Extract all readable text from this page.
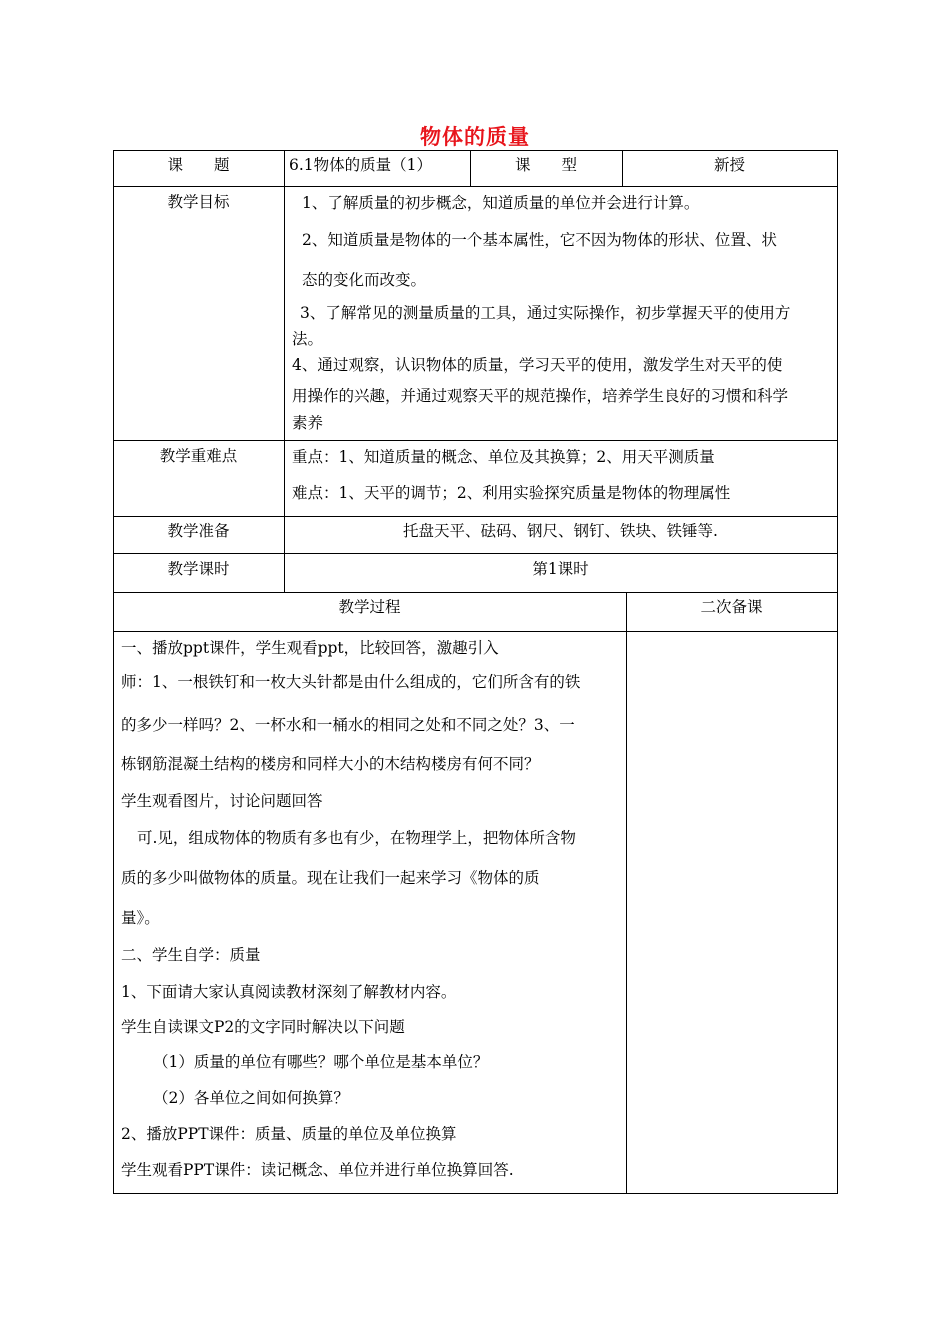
物体的质量
课　　题	6.1物体的质量（1）	课　　型	新授
教学目标	1、了解质量的初步概念，知道质量的单位并会进行计算。
2、知道质量是物体的一个基本属性，它不因为物体的形状、位置、状
态的变化而改变。
3、了解常见的测量质量的工具，通过实际操作，初步掌握天平的使用方
法。
4、通过观察，认识物体的质量，学习天平的使用，激发学生对天平的使
用操作的兴趣，并通过观察天平的规范操作，培养学生良好的习惯和科学
素养
教学重难点	重点：1、知道质量的概念、单位及其换算；2、用天平测质量
难点：1、天平的调节；2、利用实验探究质量是物体的物理属性
教学准备	托盘天平、砝码、钢尺、钢钉、铁块、铁锤等.
教学课时	第1课时
教学过程	二次备课
一、播放ppt课件，学生观看ppt，比较回答，激趣引入
师：1、一根铁钉和一枚大头针都是由什么组成的，它们所含有的铁
的多少一样吗？2、一杯水和一桶水的相同之处和不同之处？3、一
栋钢筋混凝土结构的楼房和同样大小的木结构楼房有何不同？
学生观看图片，讨论问题回答
可.见，组成物体的物质有多也有少，在物理学上，把物体所含物
质的多少叫做物体的质量。现在让我们一起来学习《物体的质
量》。
二、学生自学：质量
1、下面请大家认真阅读教材深刻了解教材内容。
学生自读课文P2的文字同时解决以下问题
（1）质量的单位有哪些？哪个单位是基本单位？
（2）各单位之间如何换算？
2、播放PPT课件：质量、质量的单位及单位换算
学生观看PPT课件：读记概念、单位并进行单位换算回答.
